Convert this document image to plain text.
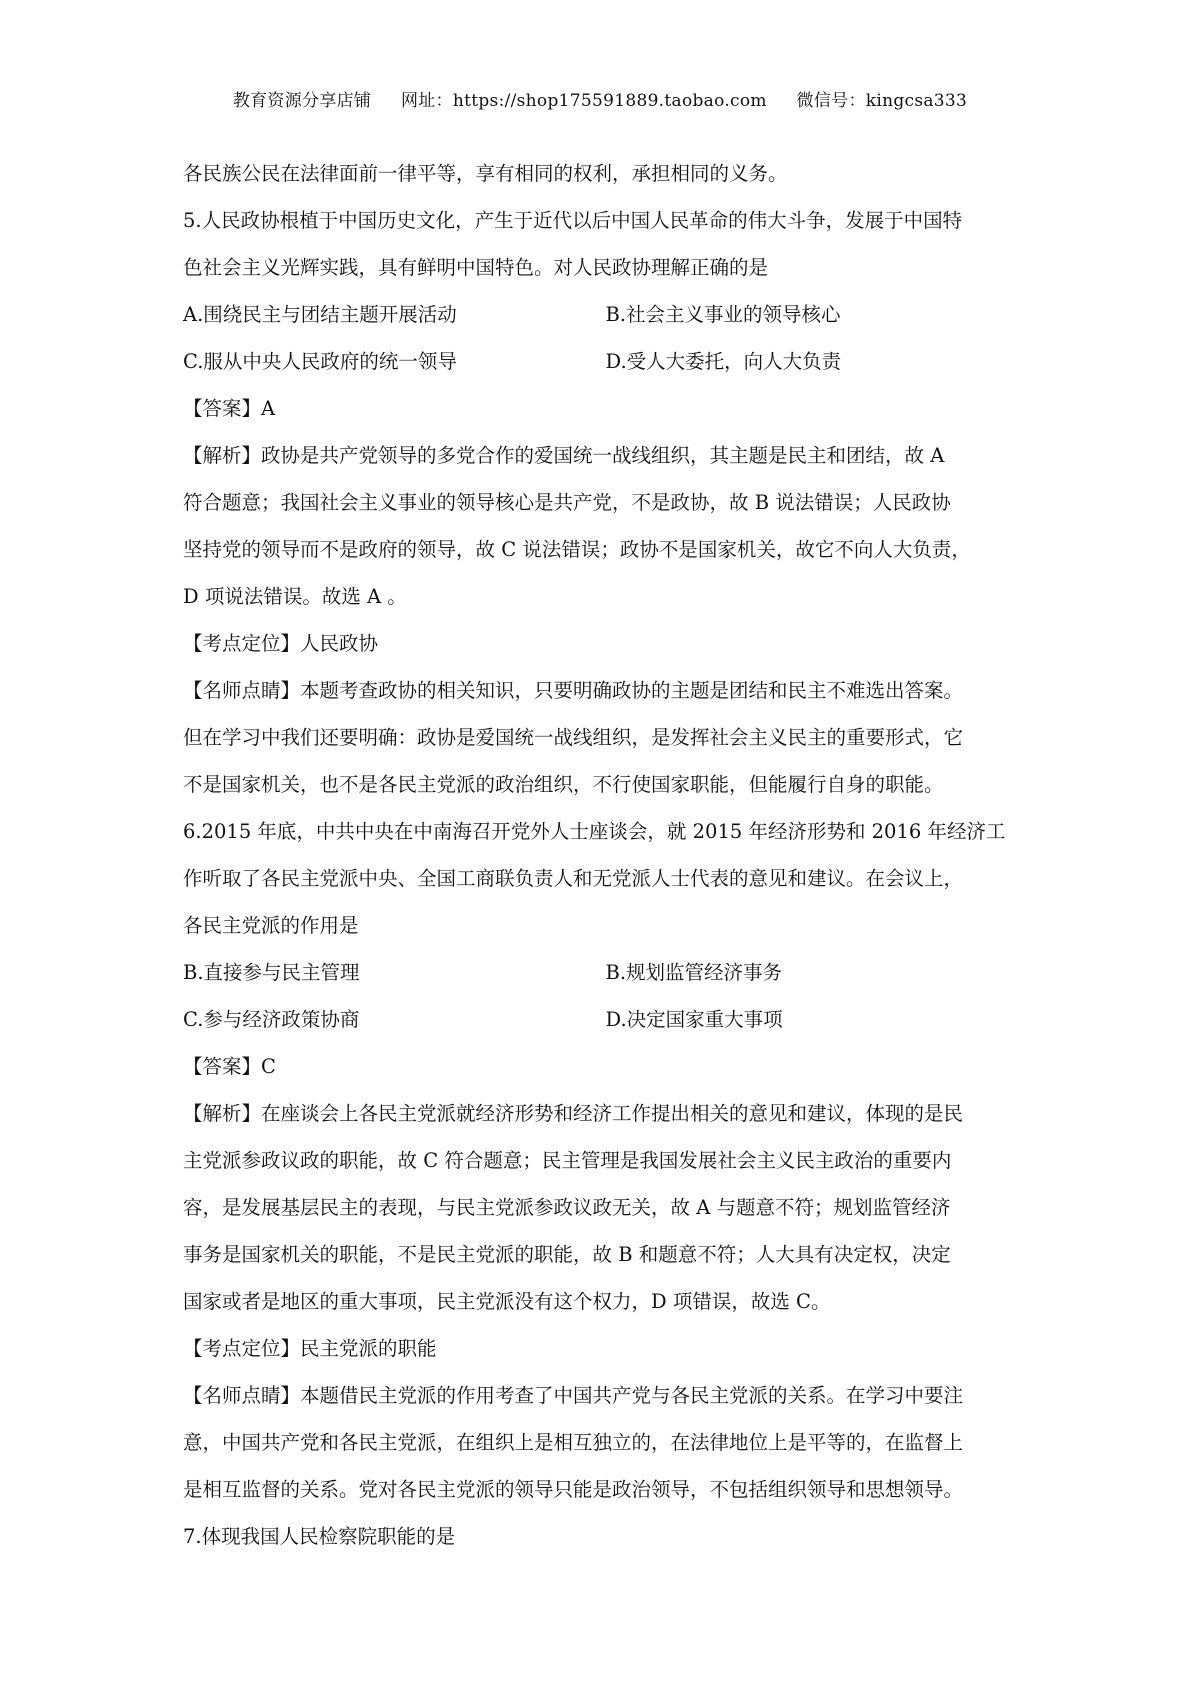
教育资源分享店铺 网址：https://shop175591889.taobao.com 微信号：kingcsa333

各民族公民在法律面前一律平等，享有相同的权利，承担相同的义务。

5.人民政协根植于中国历史文化，产生于近代以后中国人民革命的伟大斗争，发展于中国特

色社会主义光辉实践，具有鲜明中国特色。对人民政协理解正确的是

A.围绕民主与团结主题开展活动	B.社会主义事业的领导核心
C.服从中央人民政府的统一领导	D.受人大委托，向人大负责

【答案】A

【解析】政协是共产党领导的多党合作的爱国统一战线组织，其主题是民主和团结，故 A

符合题意；我国社会主义事业的领导核心是共产党，不是政协，故 B 说法错误；人民政协

坚持党的领导而不是政府的领导，故 C 说法错误；政协不是国家机关，故它不向人大负责，

D 项说法错误。故选 A 。

【考点定位】人民政协

【名师点睛】本题考查政协的相关知识，只要明确政协的主题是团结和民主不难选出答案。

但在学习中我们还要明确：政协是爱国统一战线组织，是发挥社会主义民主的重要形式，它

不是国家机关，也不是各民主党派的政治组织，不行使国家职能，但能履行自身的职能。

6.2015 年底，中共中央在中南海召开党外人士座谈会，就 2015 年经济形势和 2016 年经济工

作听取了各民主党派中央、全国工商联负责人和无党派人士代表的意见和建议。在会议上，

各民主党派的作用是

B.直接参与民主管理	B.规划监管经济事务
C.参与经济政策协商	D.决定国家重大事项

【答案】C

【解析】在座谈会上各民主党派就经济形势和经济工作提出相关的意见和建议，体现的是民

主党派参政议政的职能，故 C 符合题意；民主管理是我国发展社会主义民主政治的重要内

容，是发展基层民主的表现，与民主党派参政议政无关，故 A 与题意不符；规划监管经济

事务是国家机关的职能，不是民主党派的职能，故 B 和题意不符；人大具有决定权，决定

国家或者是地区的重大事项，民主党派没有这个权力，D 项错误，故选 C。

【考点定位】民主党派的职能

【名师点睛】本题借民主党派的作用考查了中国共产党与各民主党派的关系。在学习中要注

意，中国共产党和各民主党派，在组织上是相互独立的，在法律地位上是平等的，在监督上

是相互监督的关系。党对各民主党派的领导只能是政治领导，不包括组织领导和思想领导。

7.体现我国人民检察院职能的是
